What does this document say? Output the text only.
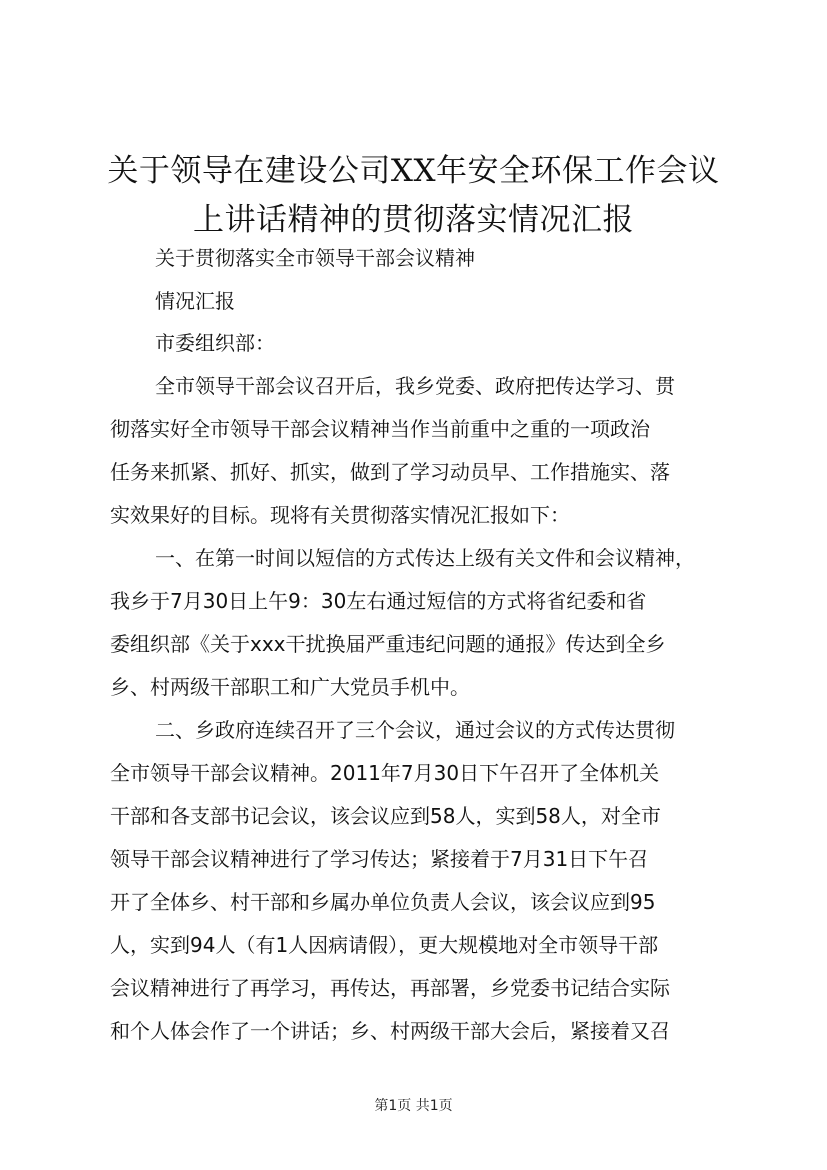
关于领导在建设公司XX年安全环保工作会议
上讲话精神的贯彻落实情况汇报
关于贯彻落实全市领导干部会议精神
情况汇报
市委组织部：
全市领导干部会议召开后，我乡党委、政府把传达学习、贯
彻落实好全市领导干部会议精神当作当前重中之重的一项政治
任务来抓紧、抓好、抓实，做到了学习动员早、工作措施实、落
实效果好的目标。现将有关贯彻落实情况汇报如下：
一、在第一时间以短信的方式传达上级有关文件和会议精神，
我乡于7月30日上午9：30左右通过短信的方式将省纪委和省
委组织部《关于xxx干扰换届严重违纪问题的通报》传达到全乡
乡、村两级干部职工和广大党员手机中。
二、乡政府连续召开了三个会议，通过会议的方式传达贯彻
全市领导干部会议精神。2011年7月30日下午召开了全体机关
干部和各支部书记会议，该会议应到58人，实到58人，对全市
领导干部会议精神进行了学习传达；紧接着于7月31日下午召
开了全体乡、村干部和乡属办单位负责人会议，该会议应到95
人，实到94人（有1人因病请假），更大规模地对全市领导干部
会议精神进行了再学习，再传达，再部署，乡党委书记结合实际
和个人体会作了一个讲话；乡、村两级干部大会后，紧接着又召
第1页 共1页
